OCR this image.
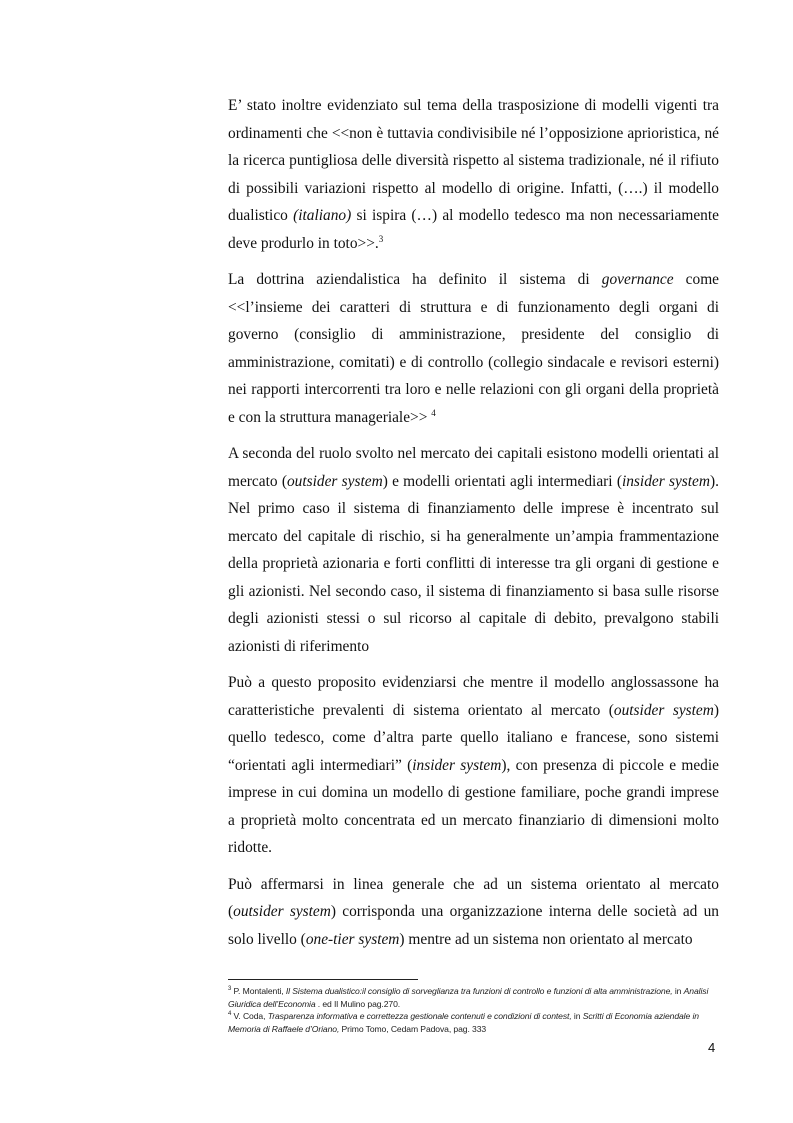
E’ stato inoltre evidenziato sul tema della trasposizione di modelli vigenti tra ordinamenti che <<non è tuttavia condivisibile né l’opposizione aprioristica, né la ricerca puntigliosa delle diversità rispetto al sistema tradizionale, né il rifiuto di possibili variazioni rispetto al modello di origine. Infatti, (….) il modello dualistico (italiano) si ispira (…) al modello tedesco ma non necessariamente deve produrlo in toto>>.$^3$

La dottrina aziendalistica ha definito il sistema di governance come <<l’insieme dei caratteri di struttura e di funzionamento degli organi di governo (consiglio di amministrazione, presidente del consiglio di amministrazione, comitati) e di controllo (collegio sindacale e revisori esterni) nei rapporti intercorrenti tra loro e nelle relazioni con gli organi della proprietà e con la struttura manageriale>> $^4$

A seconda del ruolo svolto nel mercato dei capitali esistono modelli orientati al mercato (outsider system) e modelli orientati agli intermediari (insider system). Nel primo caso il sistema di finanziamento delle imprese è incentrato sul mercato del capitale di rischio, si ha generalmente un’ampia frammentazione della proprietà azionaria e forti conflitti di interesse tra gli organi di gestione e gli azionisti. Nel secondo caso, il sistema di finanziamento si basa sulle risorse degli azionisti stessi o sul ricorso al capitale di debito, prevalgono stabili azionisti di riferimento

Può a questo proposito evidenziarsi che mentre il modello anglossassone ha caratteristiche prevalenti di sistema orientato al mercato (outsider system) quello tedesco, come d’altra parte quello italiano e francese, sono sistemi “orientati agli intermediari” (insider system), con presenza di piccole e medie imprese in cui domina un modello di gestione familiare, poche grandi imprese a proprietà molto concentrata ed un mercato finanziario di dimensioni molto ridotte.

Può affermarsi in linea generale che ad un sistema orientato al mercato (outsider system) corrisponda una organizzazione interna delle società ad un solo livello (one-tier system) mentre ad un sistema non orientato al mercato

$^3$ P. Montalenti, Il Sistema dualistico:il consiglio di sorveglianza tra funzioni di controllo e funzioni di alta amministrazione, in Analisi Giuridica dell’Economia . ed Il Mulino pag.270.

$^4$ V. Coda, Trasparenza informativa e correttezza gestionale contenuti e condizioni di contest, in Scritti di Economia aziendale in Memoria di Raffaele d’Oriano, Primo Tomo, Cedam Padova, pag. 333

4
